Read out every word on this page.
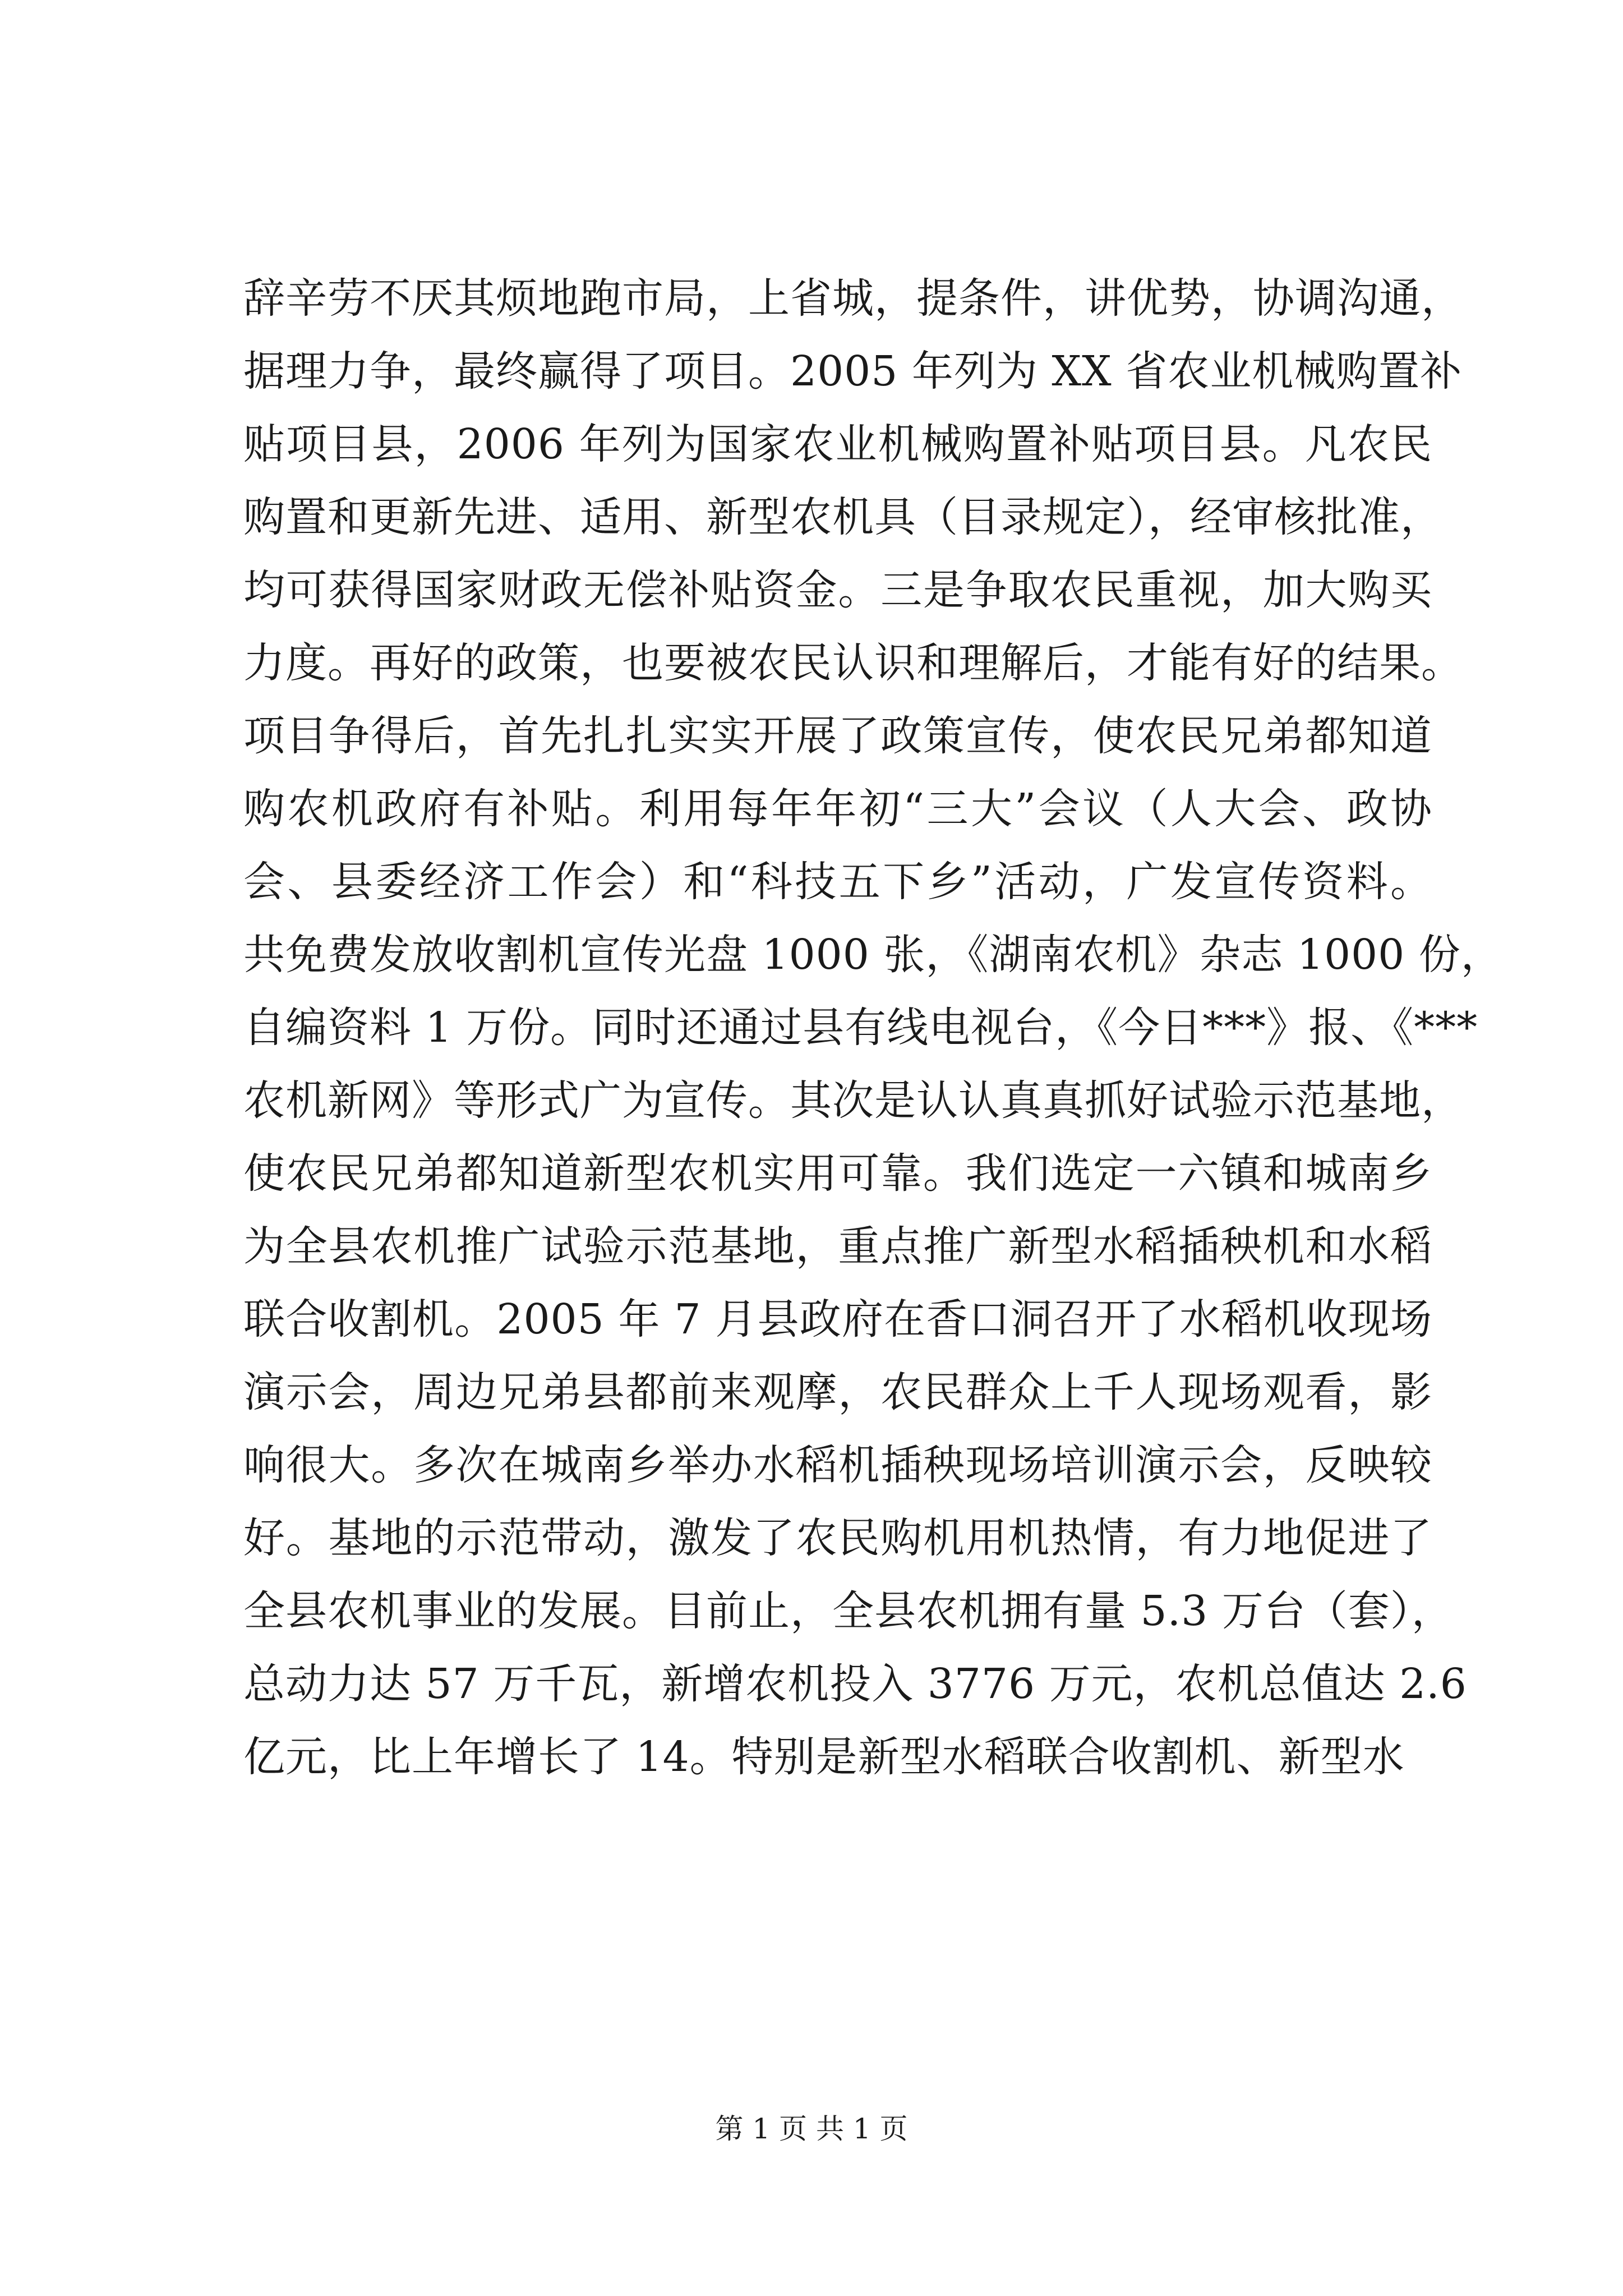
辞辛劳不厌其烦地跑市局，上省城，提条件，讲优势，协调沟通，
据理力争，最终赢得了项目。2005 年列为 XX 省农业机械购置补
贴项目县，2006 年列为国家农业机械购置补贴项目县。凡农民
购置和更新先进、适用、新型农机具（目录规定），经审核批准，
均可获得国家财政无偿补贴资金。三是争取农民重视，加大购买
力度。再好的政策，也要被农民认识和理解后，才能有好的结果。
项目争得后，首先扎扎实实开展了政策宣传，使农民兄弟都知道
购农机政府有补贴。利用每年年初“三大”会议（人大会、政协
会、县委经济工作会）和“科技五下乡”活动，广发宣传资料。
共免费发放收割机宣传光盘 1000 张，《湖南农机》杂志 1000 份，
自编资料 1 万份。同时还通过县有线电视台，《今日***》报、《***
农机新网》等形式广为宣传。其次是认认真真抓好试验示范基地，
使农民兄弟都知道新型农机实用可靠。我们选定一六镇和城南乡
为全县农机推广试验示范基地，重点推广新型水稻插秧机和水稻
联合收割机。2005 年 7 月县政府在香口洞召开了水稻机收现场
演示会，周边兄弟县都前来观摩，农民群众上千人现场观看，影
响很大。多次在城南乡举办水稻机插秧现场培训演示会，反映较
好。基地的示范带动，激发了农民购机用机热情，有力地促进了
全县农机事业的发展。目前止，全县农机拥有量 5.3 万台（套），
总动力达 57 万千瓦，新增农机投入 3776 万元，农机总值达 2.6
亿元，比上年增长了 14。特别是新型水稻联合收割机、新型水
第 1 页 共 1 页
